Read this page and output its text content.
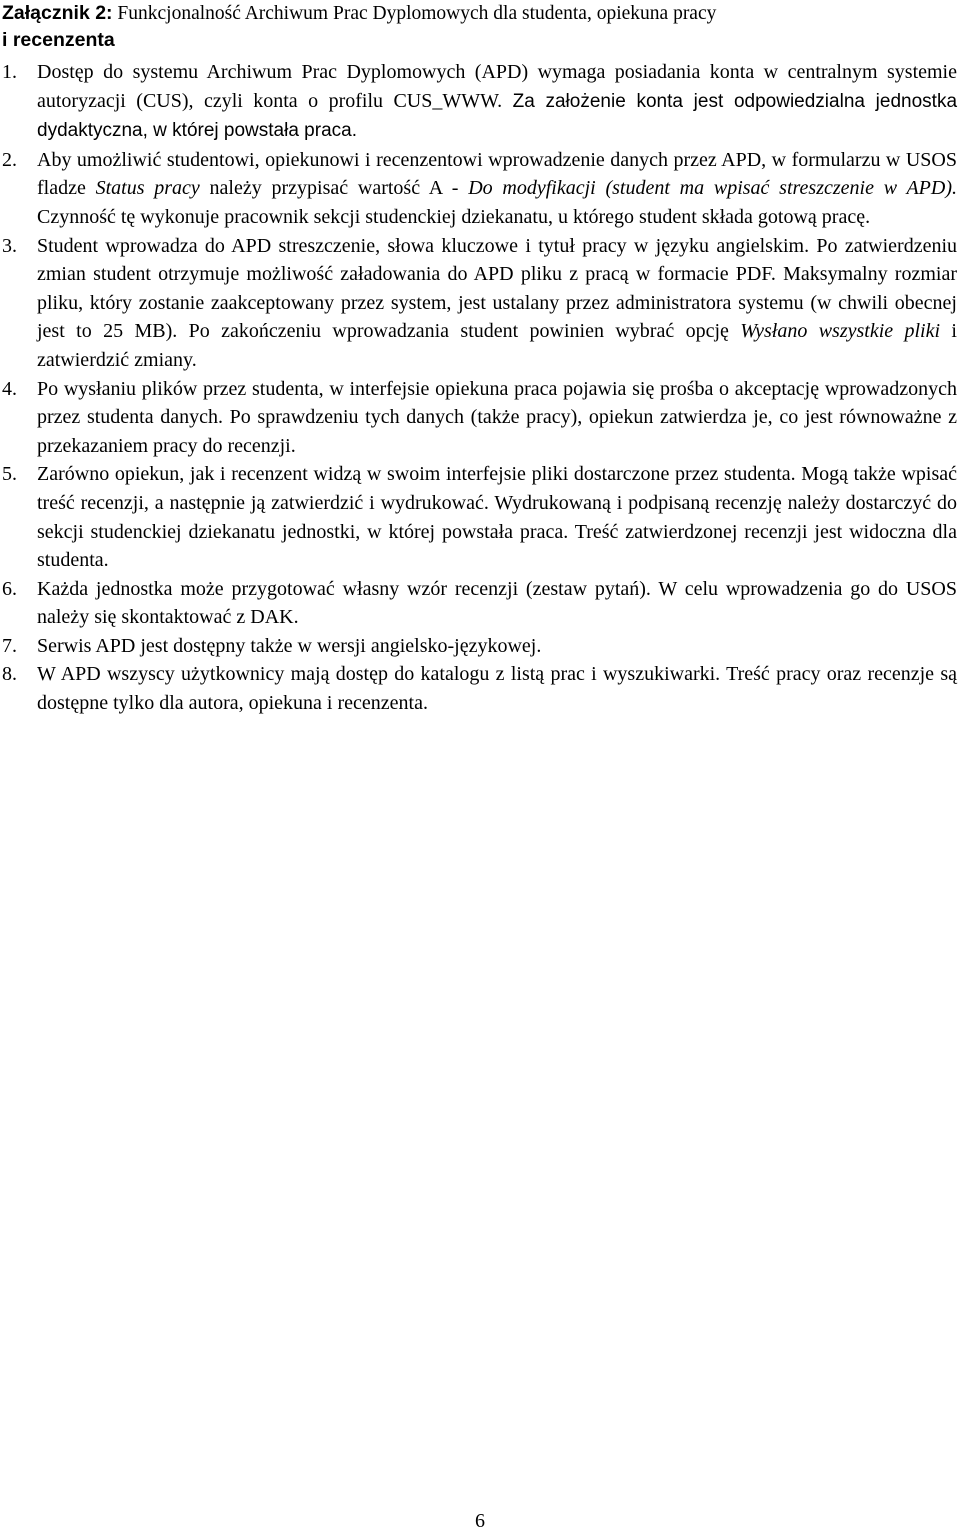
Załącznik 2: Funkcjonalność Archiwum Prac Dyplomowych dla studenta, opiekuna pracy
i recenzenta
1. Dostęp do systemu Archiwum Prac Dyplomowych (APD) wymaga posiadania konta w centralnym systemie autoryzacji (CUS), czyli konta o profilu CUS_WWW. Za założenie konta jest odpowiedzialna jednostka dydaktyczna, w której powstała praca.
2. Aby umożliwić studentowi, opiekunowi i recenzentowi wprowadzenie danych przez APD, w formularzu w USOS fladze Status pracy należy przypisać wartość A - Do modyfikacji (student ma wpisać streszczenie w APD). Czynność tę wykonuje pracownik sekcji studenckiej dziekanatu, u którego student składa gotową pracę.
3. Student wprowadza do APD streszczenie, słowa kluczowe i tytuł pracy w języku angielskim. Po zatwierdzeniu zmian student otrzymuje możliwość załadowania do APD pliku z pracą w formacie PDF. Maksymalny rozmiar pliku, który zostanie zaakceptowany przez system, jest ustalany przez administratora systemu (w chwili obecnej jest to 25 MB). Po zakończeniu wprowadzania student powinien wybrać opcję Wysłano wszystkie pliki i zatwierdzić zmiany.
4. Po wysłaniu plików przez studenta, w interfejsie opiekuna praca pojawia się prośba o akceptację wprowadzonych przez studenta danych. Po sprawdzeniu tych danych (także pracy), opiekun zatwierdza je, co jest równoważne z przekazaniem pracy do recenzji.
5. Zarówno opiekun, jak i recenzent widzą w swoim interfejsie pliki dostarczone przez studenta. Mogą także wpisać treść recenzji, a następnie ją zatwierdzić i wydrukować. Wydrukowaną i podpisaną recenzję należy dostarczyć do sekcji studenckiej dziekanatu jednostki, w której powstała praca. Treść zatwierdzonej recenzji jest widoczna dla studenta.
6. Każda jednostka może przygotować własny wzór recenzji (zestaw pytań). W celu wprowadzenia go do USOS należy się skontaktować z DAK.
7. Serwis APD jest dostępny także w wersji angielsko-językowej.
8. W APD wszyscy użytkownicy mają dostęp do katalogu z listą prac i wyszukiwarki. Treść pracy oraz recenzje są dostępne tylko dla autora, opiekuna i recenzenta.
6
